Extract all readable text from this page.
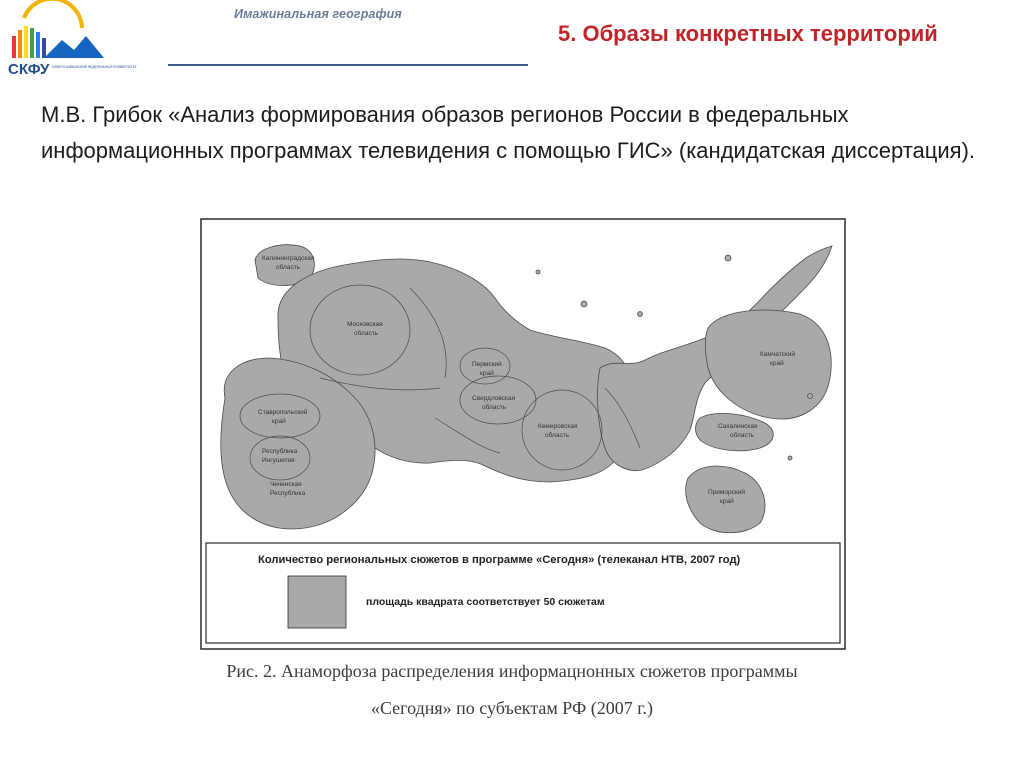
СКФУ СЕВЕРО-КАВКАЗСКИЙ ФЕДЕРАЛЬНЫЙ УНИВЕРСИТЕТ
Имажинальная география
5. Образы конкретных территорий
М.В. Грибок «Анализ формирования образов регионов России в федеральных информационных программах телевидения с помощью ГИС» (кандидатская диссертация).
Калининградская
область
Московская
область
Пермский
край
Свердловская
область
Кемеровская
область
Ставропольский
край
Республика
Ингушетия
Чеченская
Республика
Камчатский
край
Сахалинская
область
Приморский
край
Количество региональных сюжетов в программе «Сегодня» (телеканал НТВ, 2007 год)
площадь квадрата соответствует 50 сюжетам
Рис. 2. Анаморфоза распределения информацнонных сюжетов программы
«Сегодня» по субъектам РФ (2007 г.)
